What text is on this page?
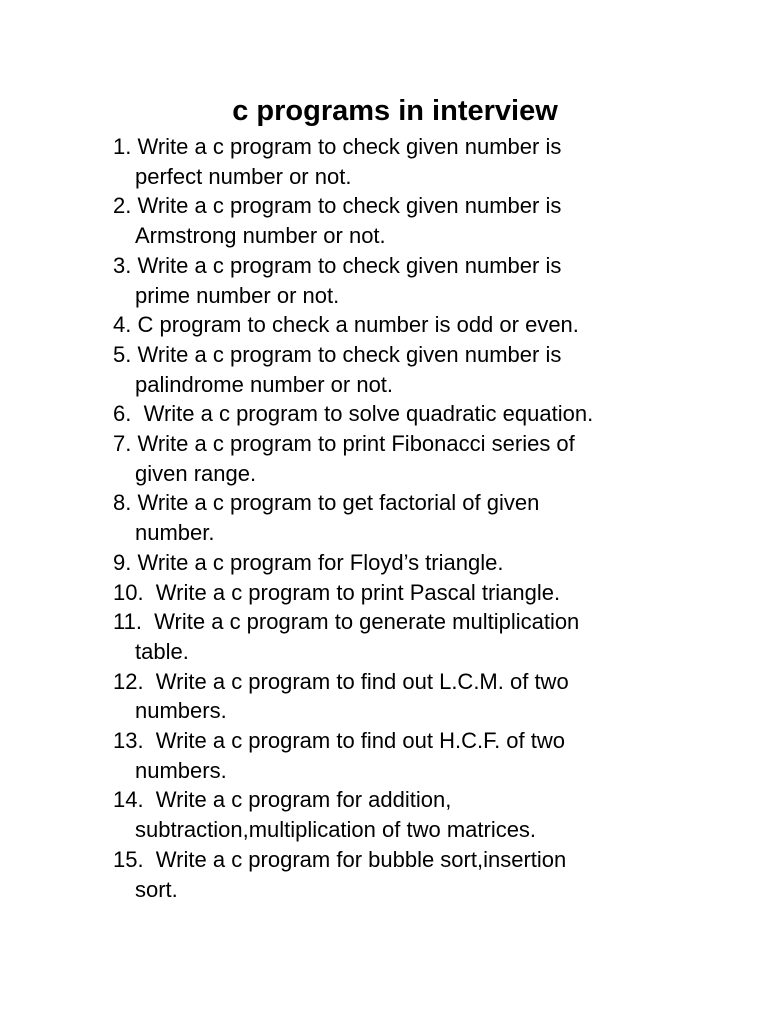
c programs in interview
1. Write a c program to check given number is
perfect number or not.
2. Write a c program to check given number is
Armstrong number or not.
3. Write a c program to check given number is
prime number or not.
4. C program to check a number is odd or even.
5. Write a c program to check given number is
palindrome number or not.
6.  Write a c program to solve quadratic equation.
7. Write a c program to print Fibonacci series of
given range.
8. Write a c program to get factorial of given
number.
9. Write a c program for Floyd’s triangle.
10.  Write a c program to print Pascal triangle.
11.  Write a c program to generate multiplication
table.
12.  Write a c program to find out L.C.M. of two
numbers.
13.  Write a c program to find out H.C.F. of two
numbers.
14.  Write a c program for addition,
subtraction,multiplication of two matrices.
15.  Write a c program for bubble sort,insertion
sort.
